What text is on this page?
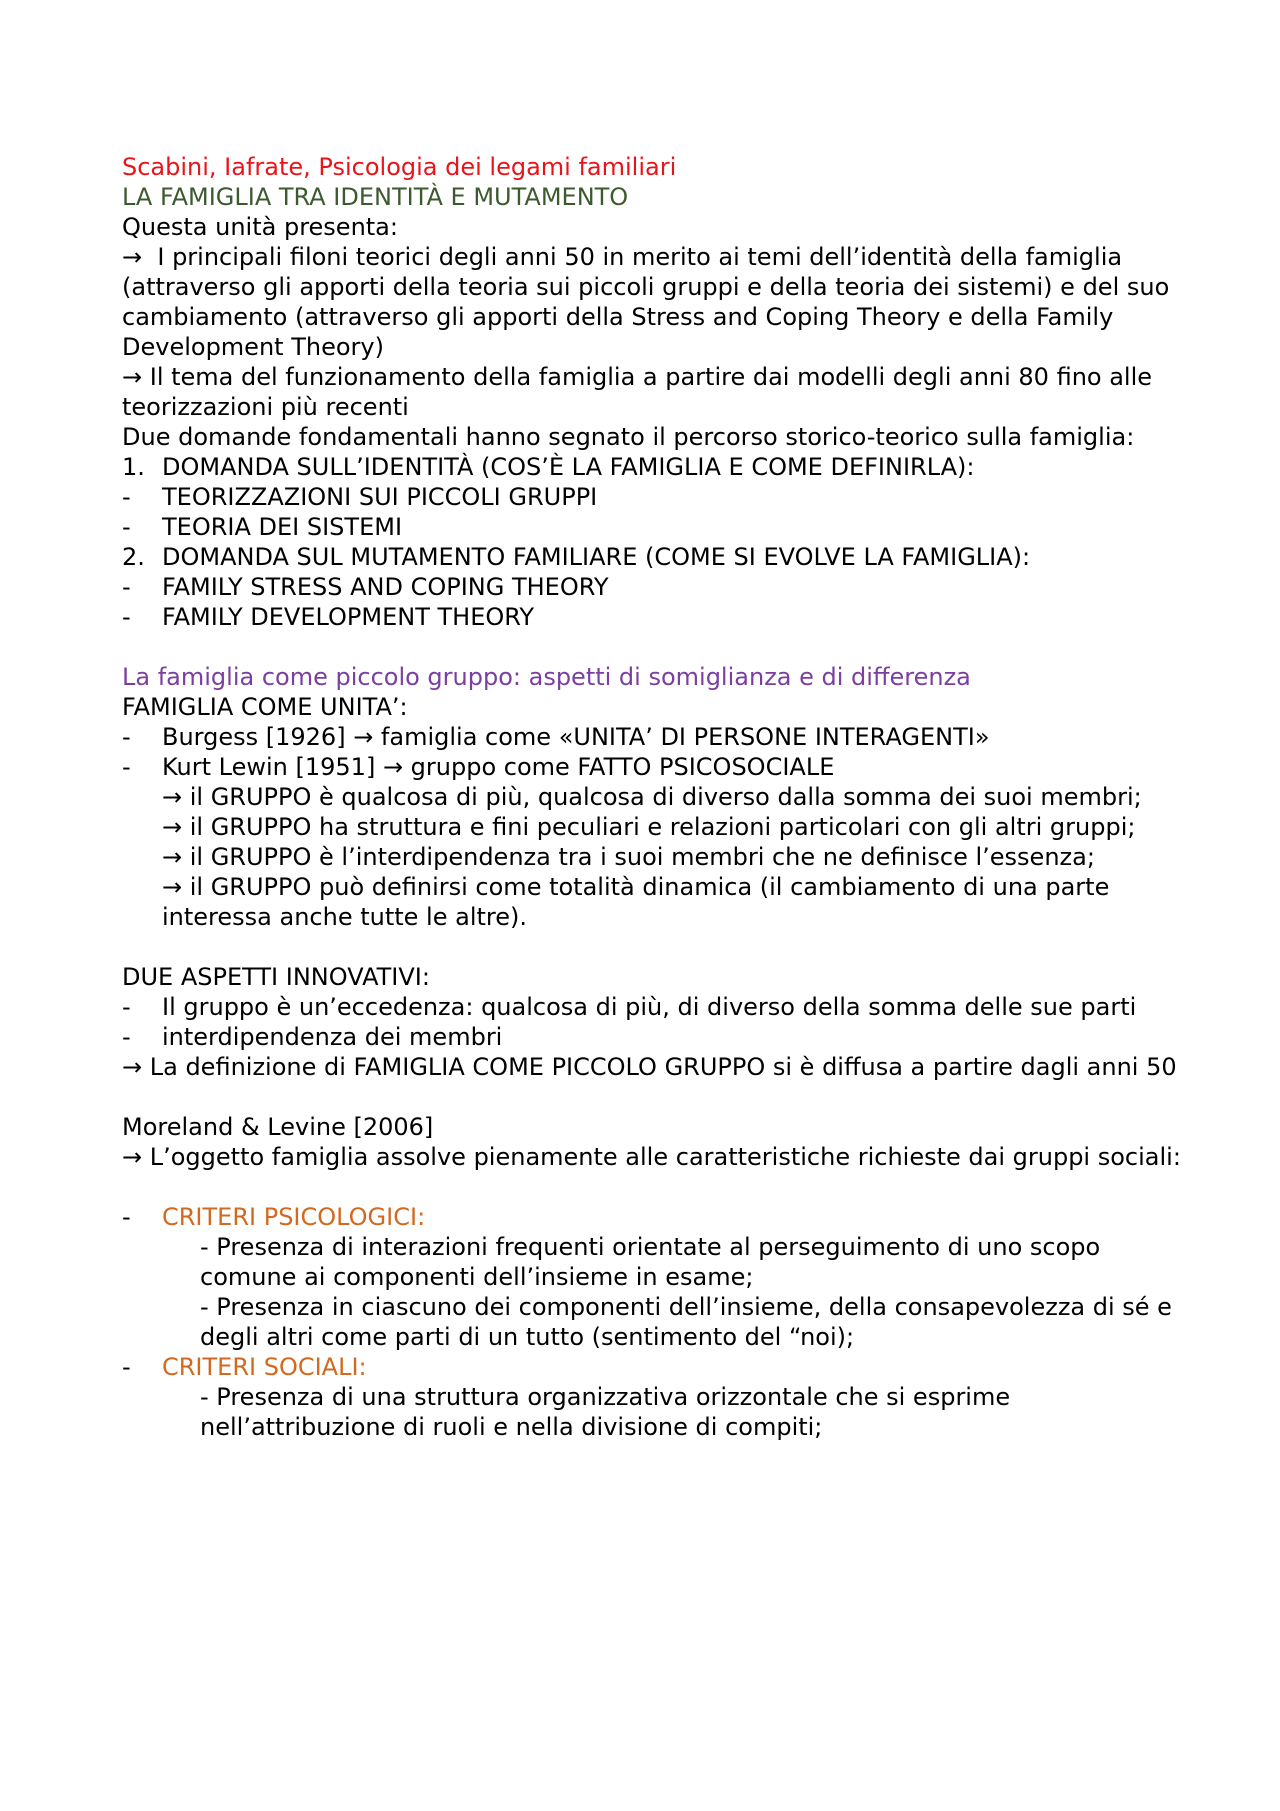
Scabini, Iafrate, Psicologia dei legami familiari

LA FAMIGLIA TRA IDENTITÀ E MUTAMENTO

Questa unità presenta:

→  I principali filoni teorici degli anni 50 in merito ai temi dell’identità della famiglia (attraverso gli apporti della teoria sui piccoli gruppi e della teoria dei sistemi) e del suo cambiamento (attraverso gli apporti della Stress and Coping Theory e della Family Development Theory)

→ Il tema del funzionamento della famiglia a partire dai modelli degli anni 80 fino alle teorizzazioni più recenti

Due domande fondamentali hanno segnato il percorso storico-teorico sulla famiglia:

1. DOMANDA SULL’IDENTITÀ (COS’È LA FAMIGLIA E COME DEFINIRLA):
-	TEORIZZAZIONI SUI PICCOLI GRUPPI
-	TEORIA DEI SISTEMI
2. DOMANDA SUL MUTAMENTO FAMILIARE (COME SI EVOLVE LA FAMIGLIA):
-	FAMILY STRESS AND COPING THEORY
-	FAMILY DEVELOPMENT THEORY

La famiglia come piccolo gruppo: aspetti di somiglianza e di differenza

FAMIGLIA COME UNITA’:

-	Burgess [1926] → famiglia come «UNITA’ DI PERSONE INTERAGENTI»
-	Kurt Lewin [1951] → gruppo come FATTO PSICOSOCIALE

→ il GRUPPO è qualcosa di più, qualcosa di diverso dalla somma dei suoi membri;

→ il GRUPPO ha struttura e fini peculiari e relazioni particolari con gli altri gruppi;

→ il GRUPPO è l’interdipendenza tra i suoi membri che ne definisce l’essenza;

→ il GRUPPO può definirsi come totalità dinamica (il cambiamento di una parte interessa anche tutte le altre).

DUE ASPETTI INNOVATIVI:

-	Il gruppo è un’eccedenza: qualcosa di più, di diverso della somma delle sue parti
-	interdipendenza dei membri

→ La definizione di FAMIGLIA COME PICCOLO GRUPPO si è diffusa a partire dagli anni 50

Moreland & Levine [2006]

→ L’oggetto famiglia assolve pienamente alle caratteristiche richieste dai gruppi sociali:

-	CRITERI PSICOLOGICI:

- Presenza di interazioni frequenti orientate al perseguimento di uno scopo comune ai componenti dell’insieme in esame;

- Presenza in ciascuno dei componenti dell’insieme, della consapevolezza di sé e degli altri come parti di un tutto (sentimento del “noi);

-	CRITERI SOCIALI:

- Presenza di una struttura organizzativa orizzontale che si esprime nell’attribuzione di ruoli e nella divisione di compiti;
